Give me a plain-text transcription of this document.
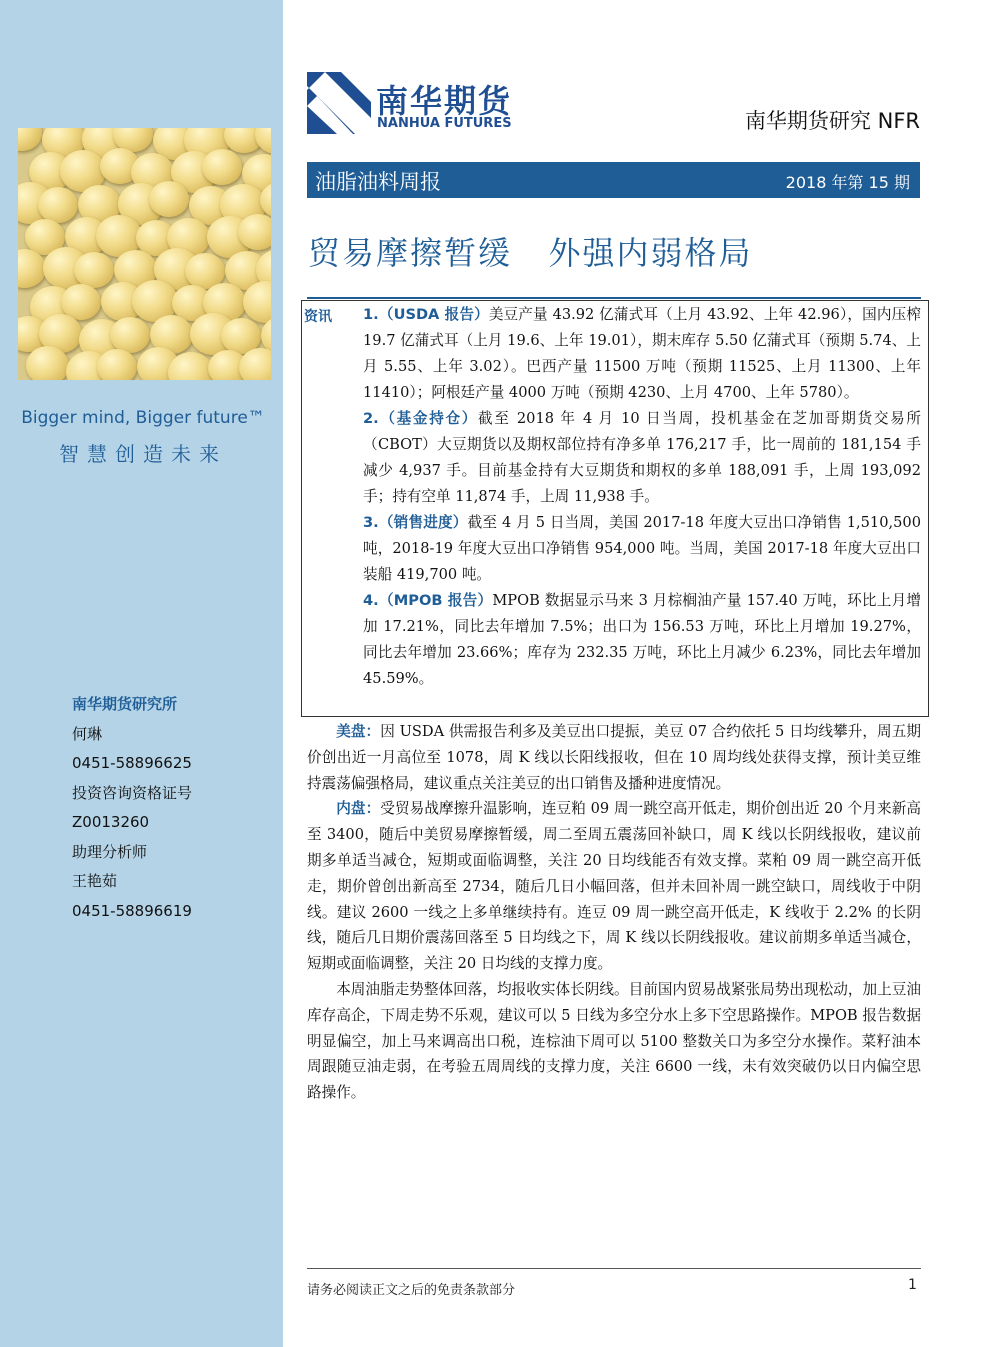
Bigger mind, Bigger future™
智慧创造未来
南华期货研究所
何琳
0451-58896625
投资咨询资格证号
Z0013260
助理分析师
王艳茹
0451-58896619
南华期货
NANHUA FUTURES	南华期货研究 NFR
油脂油料周报	2018 年第 15 期
贸易摩擦暂缓   外强内弱格局
资讯 1.（USDA 报告）美豆产量 43.92 亿蒲式耳（上月 43.92、上年 42.96），国内压榨 19.7 亿蒲式耳（上月 19.6、上年 19.01），期末库存 5.50 亿蒲式耳（预期 5.74、上月 5.55、上年 3.02）。巴西产量 11500 万吨（预期 11525、上月 11300、上年 11410）；阿根廷产量 4000 万吨（预期 4230、上月 4700、上年 5780）。

2.（基金持仓）截至 2018 年 4 月 10 日当周，投机基金在芝加哥期货交易所（CBOT）大豆期货以及期权部位持有净多单 176,217 手，比一周前的 181,154 手减少 4,937 手。目前基金持有大豆期货和期权的多单 188,091 手，上周 193,092 手；持有空单 11,874 手，上周 11,938 手。

3.（销售进度）截至 4 月 5 日当周，美国 2017-18 年度大豆出口净销售 1,510,500 吨，2018-19 年度大豆出口净销售 954,000 吨。当周，美国 2017-18 年度大豆出口装船 419,700 吨。

4.（MPOB 报告）MPOB 数据显示马来 3 月棕榈油产量 157.40 万吨，环比上月增加 17.21%，同比去年增加 7.5%；出口为 156.53 万吨，环比上月增加 19.27%，同比去年增加 23.66%；库存为 232.35 万吨，环比上月减少 6.23%，同比去年增加 45.59%。

美盘：因 USDA 供需报告利多及美豆出口提振，美豆 07 合约依托 5 日均线攀升，周五期价创出近一月高位至 1078，周 K 线以长阳线报收，但在 10 周均线处获得支撑，预计美豆维持震荡偏强格局，建议重点关注美豆的出口销售及播种进度情况。

内盘：受贸易战摩擦升温影响，连豆粕 09 周一跳空高开低走，期价创出近 20 个月来新高至 3400，随后中美贸易摩擦暂缓，周二至周五震荡回补缺口，周 K 线以长阴线报收，建议前期多单适当减仓，短期或面临调整，关注 20 日均线能否有效支撑。菜粕 09 周一跳空高开低走，期价曾创出新高至 2734，随后几日小幅回落，但并未回补周一跳空缺口，周线收于中阴线。建议 2600 一线之上多单继续持有。连豆 09 周一跳空高开低走，K 线收于 2.2% 的长阴线，随后几日期价震荡回落至 5 日均线之下，周 K 线以长阴线报收。建议前期多单适当减仓，短期或面临调整，关注 20 日均线的支撑力度。

本周油脂走势整体回落，均报收实体长阴线。目前国内贸易战紧张局势出现松动，加上豆油库存高企，下周走势不乐观，建议可以 5 日线为多空分水上多下空思路操作。MPOB 报告数据明显偏空，加上马来调高出口税，连棕油下周可以 5100 整数关口为多空分水操作。菜籽油本周跟随豆油走弱，在考验五周周线的支撑力度，关注 6600 一线，未有效突破仍以日内偏空思路操作。

请务必阅读正文之后的免责条款部分	1
